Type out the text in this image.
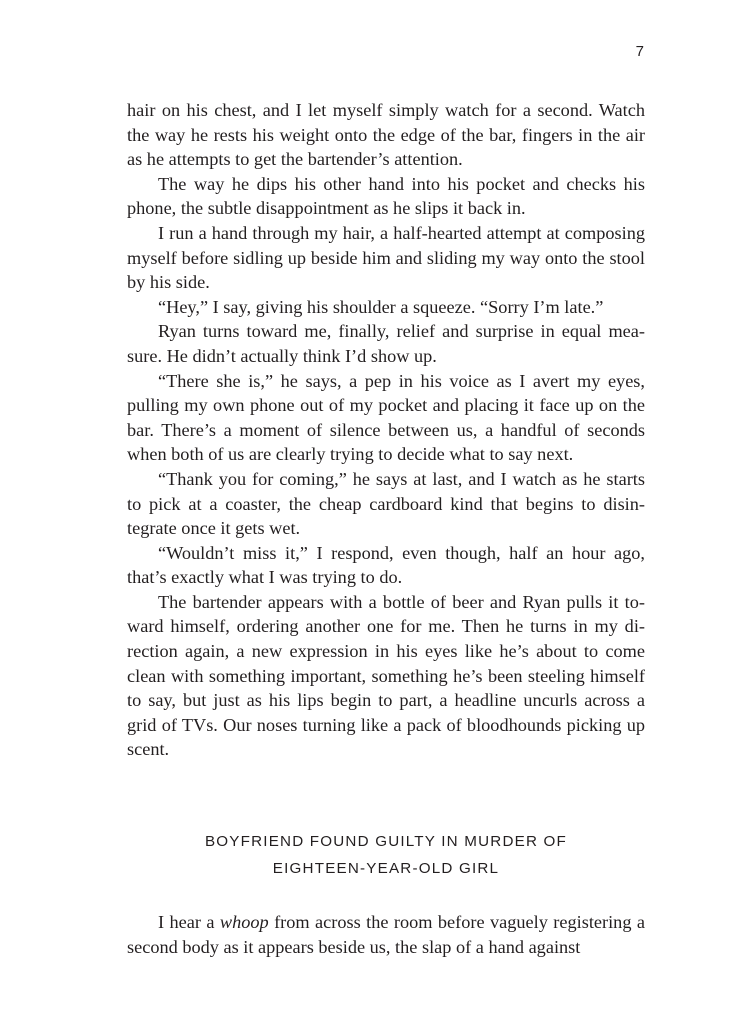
7

hair on his chest, and I let myself simply watch for a second. Watch the way he rests his weight onto the edge of the bar, fingers in the air as he attempts to get the bartender’s attention.

The way he dips his other hand into his pocket and checks his phone, the subtle disappointment as he slips it back in.

I run a hand through my hair, a half-hearted attempt at composing myself before sidling up beside him and sliding my way onto the stool by his side.

“Hey,” I say, giving his shoulder a squeeze. “Sorry I’m late.”

Ryan turns toward me, finally, relief and surprise in equal measure. He didn’t actually think I’d show up.

“There she is,” he says, a pep in his voice as I avert my eyes, pulling my own phone out of my pocket and placing it face up on the bar. There’s a moment of silence between us, a handful of seconds when both of us are clearly trying to decide what to say next.

“Thank you for coming,” he says at last, and I watch as he starts to pick at a coaster, the cheap cardboard kind that begins to disintegrate once it gets wet.

“Wouldn’t miss it,” I respond, even though, half an hour ago, that’s exactly what I was trying to do.

The bartender appears with a bottle of beer and Ryan pulls it toward himself, ordering another one for me. Then he turns in my direction again, a new expression in his eyes like he’s about to come clean with something important, something he’s been steeling himself to say, but just as his lips begin to part, a headline uncurls across a grid of TVs. Our noses turning like a pack of bloodhounds picking up scent.

BOYFRIEND FOUND GUILTY IN MURDER OF
EIGHTEEN-YEAR-OLD GIRL

I hear a whoop from across the room before vaguely registering a second body as it appears beside us, the slap of a hand against
